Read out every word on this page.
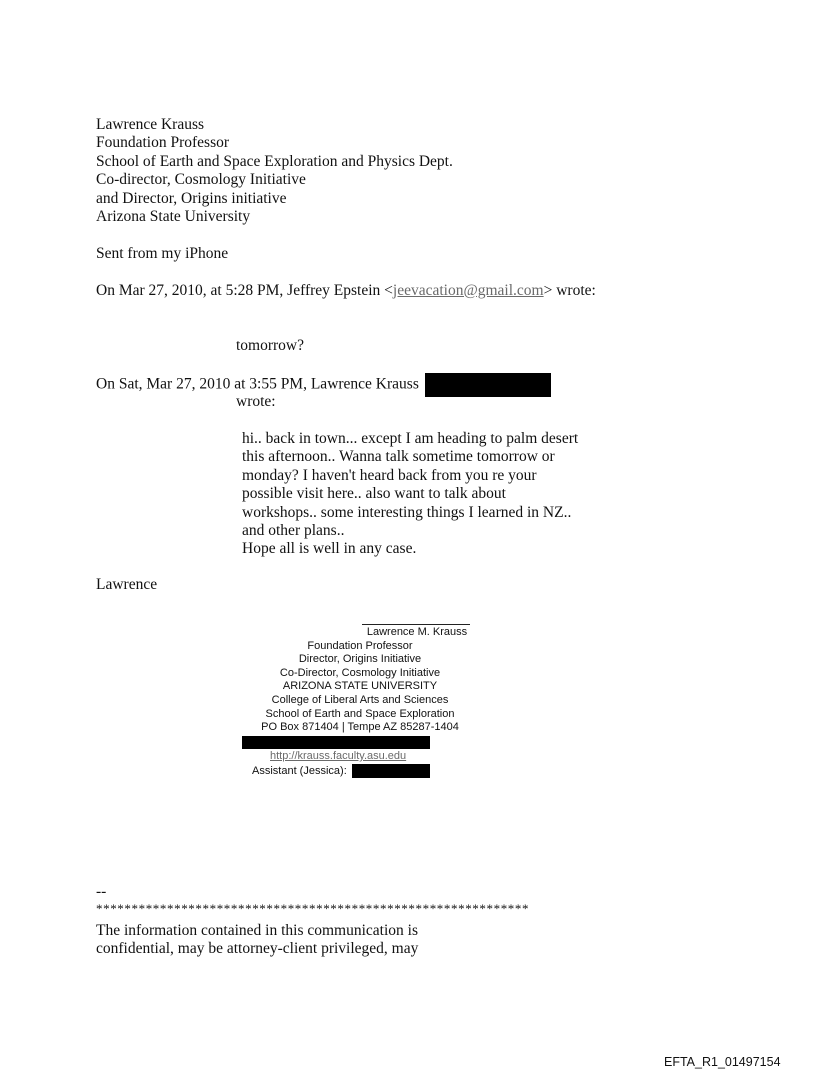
Lawrence Krauss
Foundation Professor
School of Earth and Space Exploration and Physics Dept.
Co-director, Cosmology Initiative
and Director, Origins initiative
Arizona State University
Sent from my iPhone
On Mar 27, 2010, at 5:28 PM, Jeffrey Epstein <jeevacation@gmail.com> wrote:
tomorrow?
On Sat, Mar 27, 2010 at 3:55 PM, Lawrence Krauss
wrote:
hi.. back in town... except I am heading to palm desert
this afternoon.. Wanna talk sometime tomorrow or
monday? I haven't heard back from you re your
possible visit here.. also want to talk about
workshops.. some interesting things I learned in NZ..
and other plans..
Hope all is well in any case.
Lawrence
Lawrence M. Krauss
Foundation Professor
Director, Origins Initiative
Co-Director, Cosmology Initiative
ARIZONA STATE UNIVERSITY
College of Liberal Arts and Sciences
School of Earth and Space Exploration
PO Box 871404 | Tempe AZ 85287-1404
http://krauss.faculty.asu.edu
Assistant (Jessica):
--
*************************************************************
The information contained in this communication is
confidential, may be attorney-client privileged, may
EFTA_R1_01497154
